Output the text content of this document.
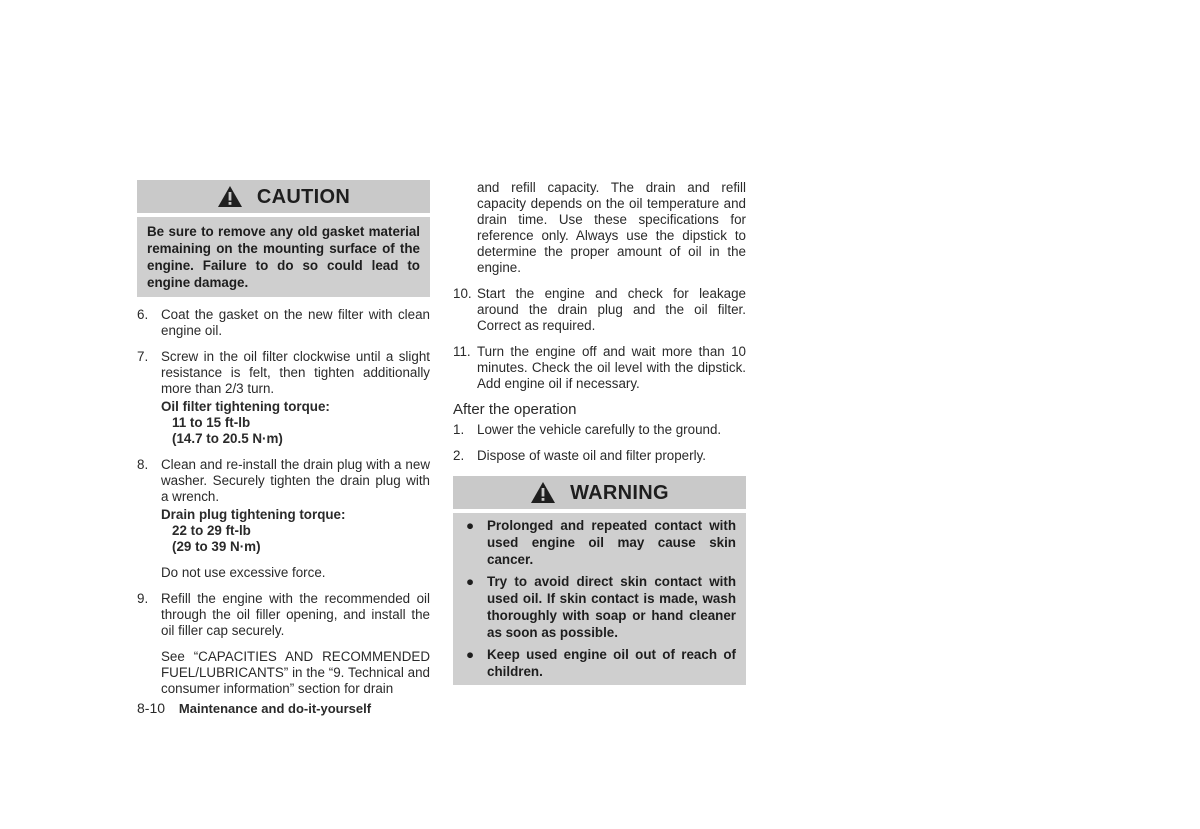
CAUTION
Be sure to remove any old gasket material remaining on the mounting surface of the engine. Failure to do so could lead to engine damage.
6. Coat the gasket on the new filter with clean engine oil.

7. Screw in the oil filter clockwise until a slight resistance is felt, then tighten additionally more than 2/3 turn.

Oil filter tightening torque:
11 to 15 ft-lb
(14.7 to 20.5 N·m)
8. Clean and re-install the drain plug with a new washer. Securely tighten the drain plug with a wrench.

Drain plug tightening torque:
22 to 29 ft-lb
(29 to 39 N·m)

Do not use excessive force.

9. Refill the engine with the recommended oil through the oil filler opening, and install the oil filler cap securely.

See “CAPACITIES AND RECOMMENDED FUEL/LUBRICANTS” in the “9. Technical and consumer information” section for drain

and refill capacity. The drain and refill capacity depends on the oil temperature and drain time. Use these specifications for reference only. Always use the dipstick to determine the proper amount of oil in the engine.

10. Start the engine and check for leakage around the drain plug and the oil filter. Correct as required.

11. Turn the engine off and wait more than 10 minutes. Check the oil level with the dipstick. Add engine oil if necessary.

After the operation
1. Lower the vehicle carefully to the ground.

2. Dispose of waste oil and filter properly.

WARNING
● Prolonged and repeated contact with used engine oil may cause skin cancer.
● Try to avoid direct skin contact with used oil. If skin contact is made, wash thoroughly with soap or hand cleaner as soon as possible.
● Keep used engine oil out of reach of children.
8-10 Maintenance and do-it-yourself
